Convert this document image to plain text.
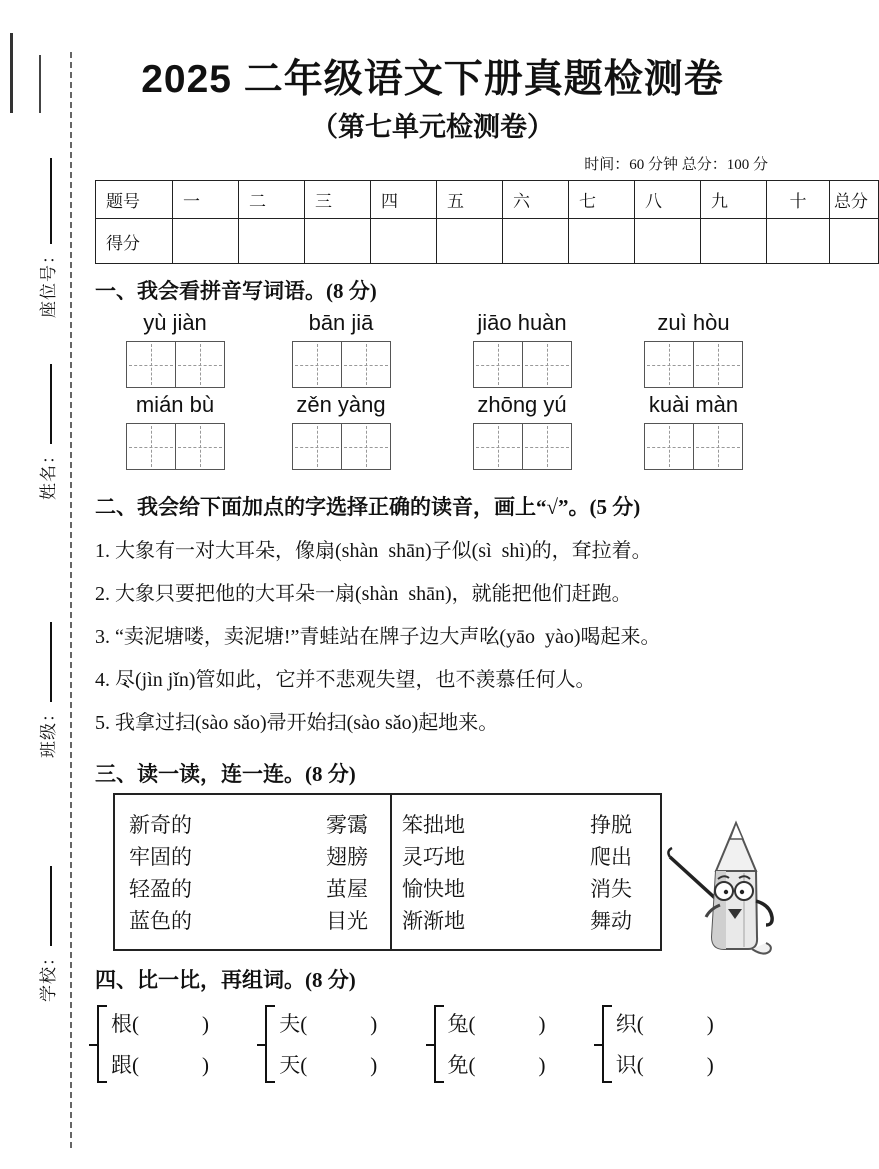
座位号：
姓名：
班级：
学校：
2025 二年级语文下册真题检测卷
（第七单元检测卷）
时间：60 分钟 总分：100 分
题号	一	二	三	四	五	六	七	八	九	十	总分
得分											
一、我会看拼音写词语。(8 分)
yù jiàn	bān jiā	jiāo huàn	zuì hòu
mián bù	zěn yàng	zhōng yú	kuài màn
二、我会给下面加点的字选择正确的读音，画上“√”。(5 分)
1. 大象有一对大耳朵，像扇 •(shàn  shān)子似 •(sì  shì)的，耷拉着。
2. 大象只要把他的大耳朵一扇 •(shàn  shān)，就能把他们赶跑。
3. “卖泥塘喽，卖泥塘!”青蛙站在牌子边大声吆 •(yāo  yào)喝起来。
4. 尽 •(jìn jǐn)管如此，它并不悲观失望，也不羡慕任何人。
5. 我拿过扫 •(sào sǎo)帚开始扫 •(sào sǎo)起地来。
三、读一读，连一连。(8 分)
新奇的	雾霭
牢固的	翅膀
轻盈的	茧屋
蓝色的	目光
笨拙地	挣脱
灵巧地	爬出
愉快地	消失
渐渐地	舞动
四、比一比，再组词。(8 分)
根(　　　)
跟(　　　)
夫(　　　)
天(　　　)
兔(　　　)
免(　　　)
织(　　　)
识(　　　)
